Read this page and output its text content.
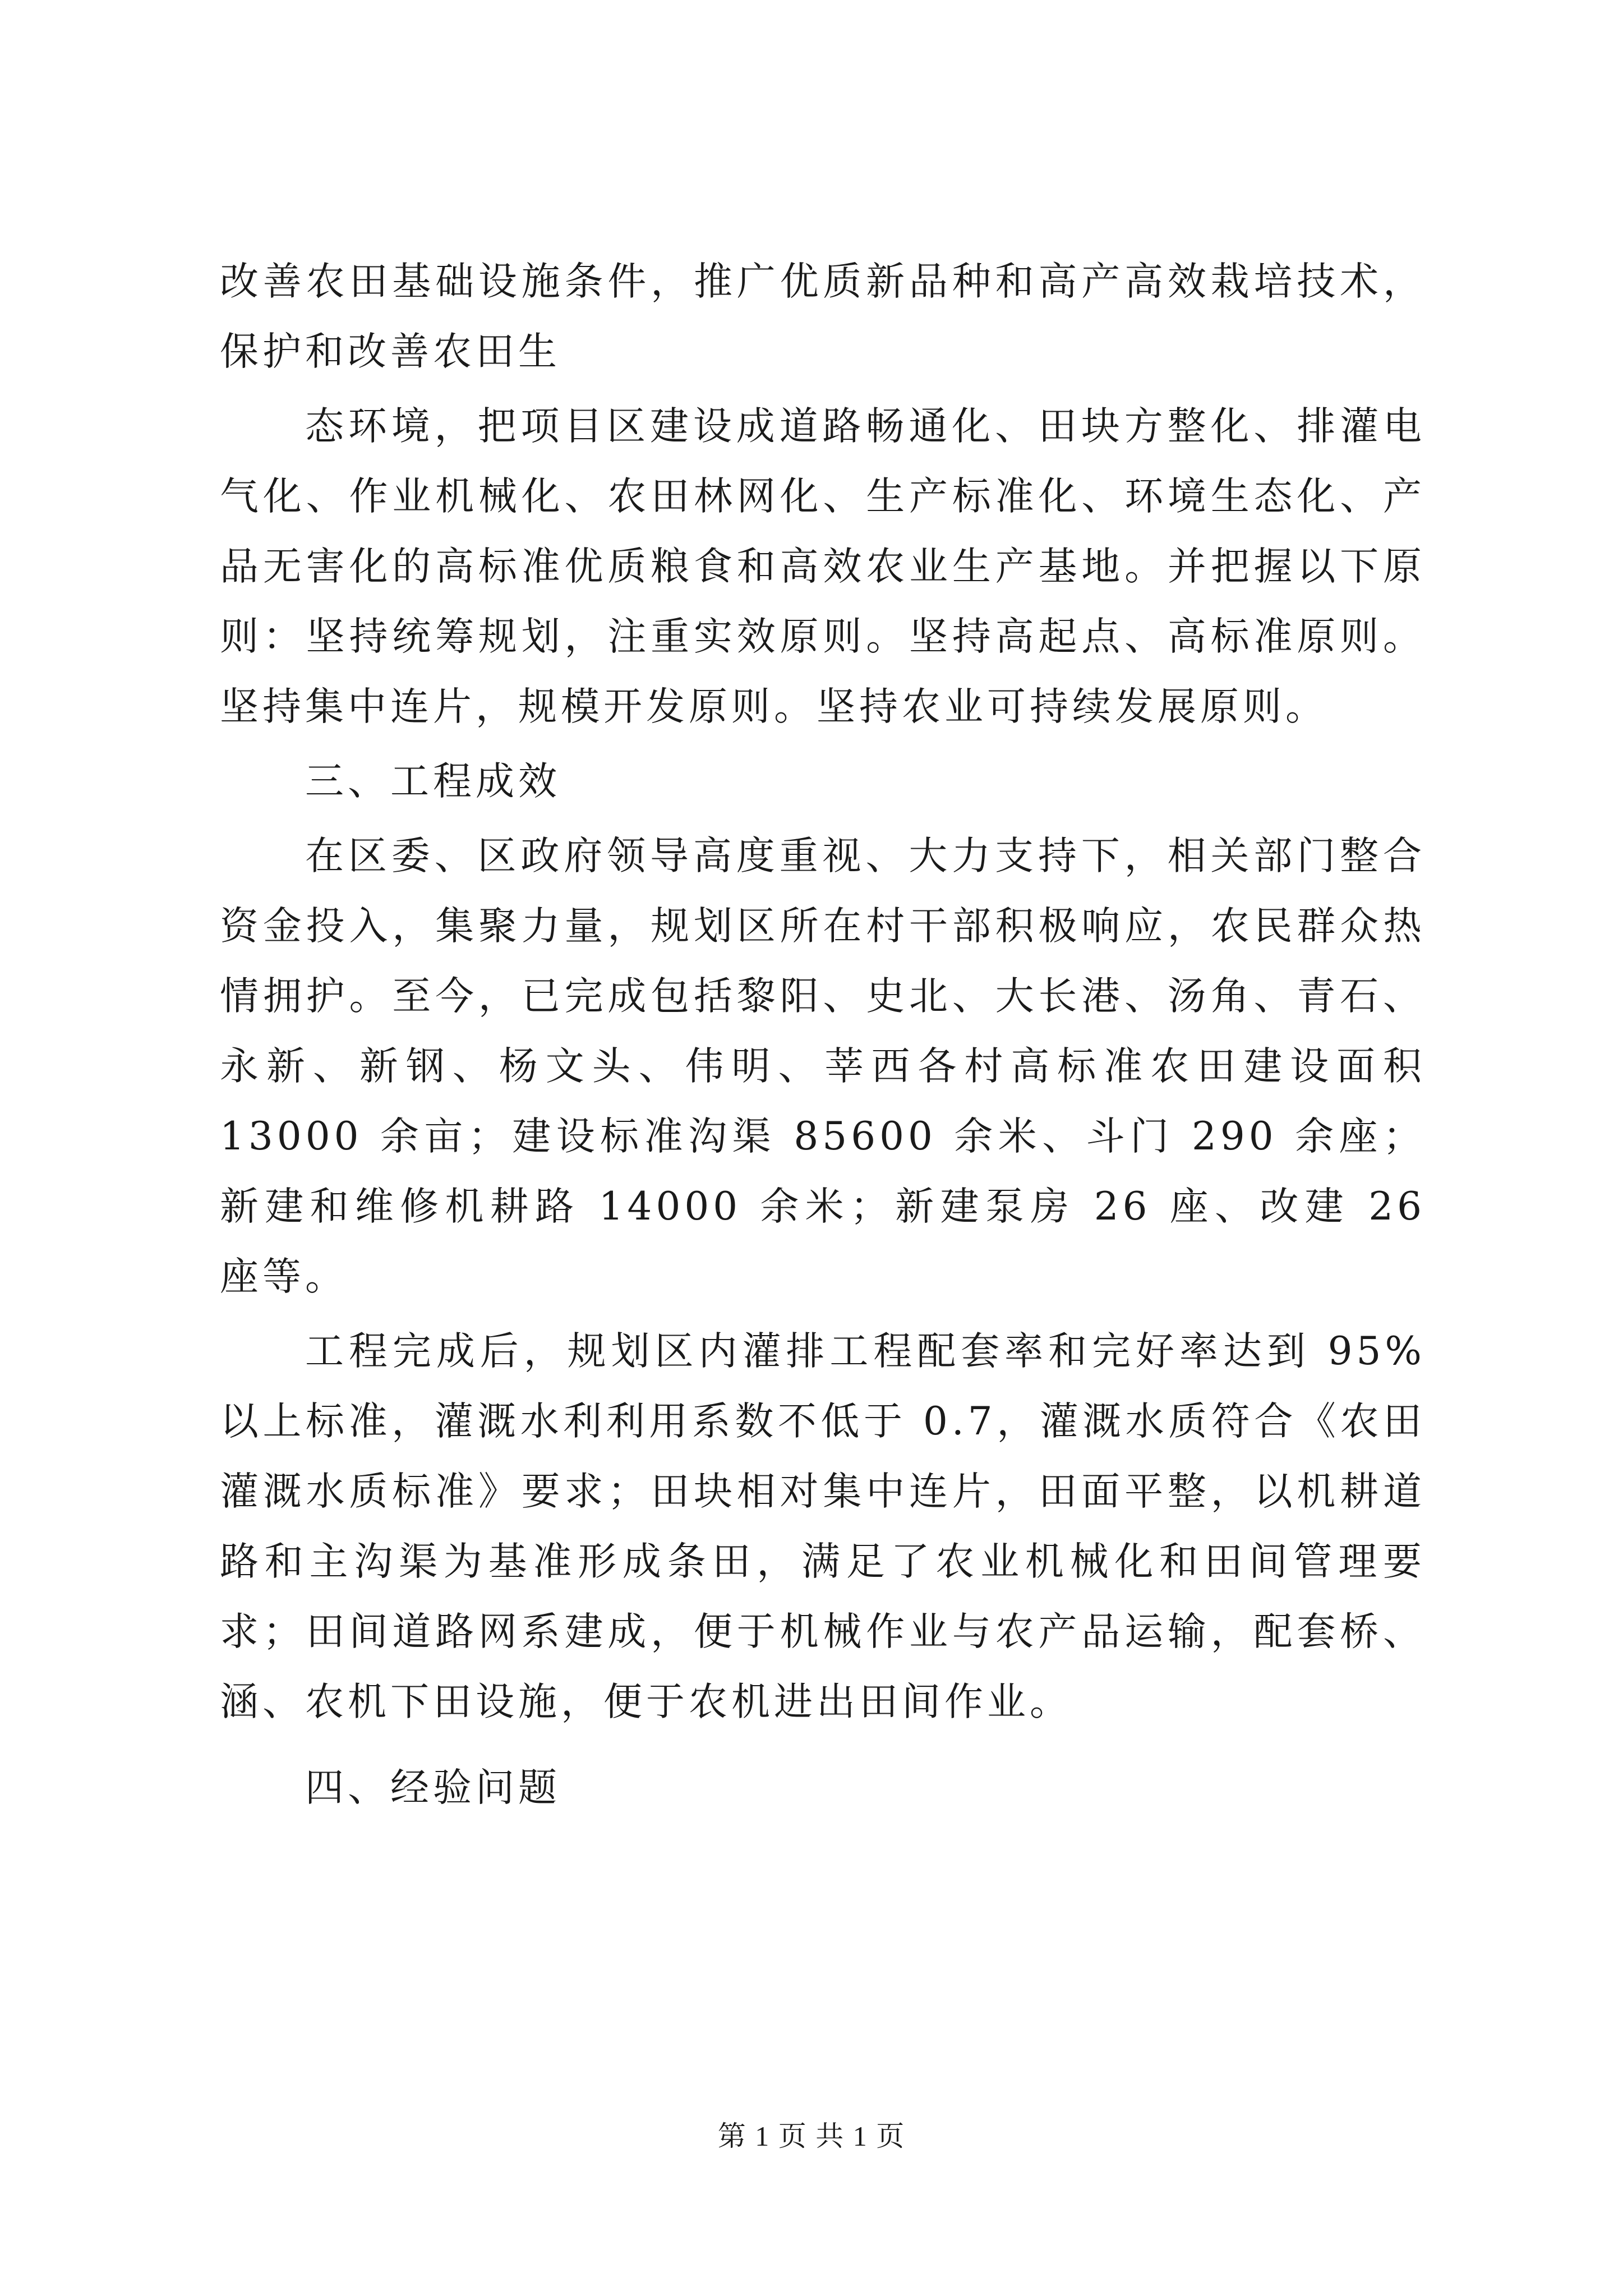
改善农田基础设施条件，推广优质新品种和高产高效栽培技术，保护和改善农田生

态环境，把项目区建设成道路畅通化、田块方整化、排灌电气化、作业机械化、农田林网化、生产标准化、环境生态化、产品无害化的高标准优质粮食和高效农业生产基地。并把握以下原则：坚持统筹规划，注重实效原则。坚持高起点、高标准原则。坚持集中连片，规模开发原则。坚持农业可持续发展原则。

三、工程成效

在区委、区政府领导高度重视、大力支持下，相关部门整合资金投入，集聚力量，规划区所在村干部积极响应，农民群众热情拥护。至今，已完成包括黎阳、史北、大长港、汤角、青石、永新、新钢、杨文头、伟明、莘西各村高标准农田建设面积 13000 余亩；建设标准沟渠 85600 余米、斗门 290 余座；新建和维修机耕路 14000 余米；新建泵房 26 座、改建 26 座等。

工程完成后，规划区内灌排工程配套率和完好率达到 95%以上标准，灌溉水利利用系数不低于 0.7，灌溉水质符合《农田灌溉水质标准》要求；田块相对集中连片，田面平整，以机耕道路和主沟渠为基准形成条田，满足了农业机械化和田间管理要求；田间道路网系建成，便于机械作业与农产品运输，配套桥、涵、农机下田设施，便于农机进出田间作业。

四、经验问题

第 1 页 共 1 页
